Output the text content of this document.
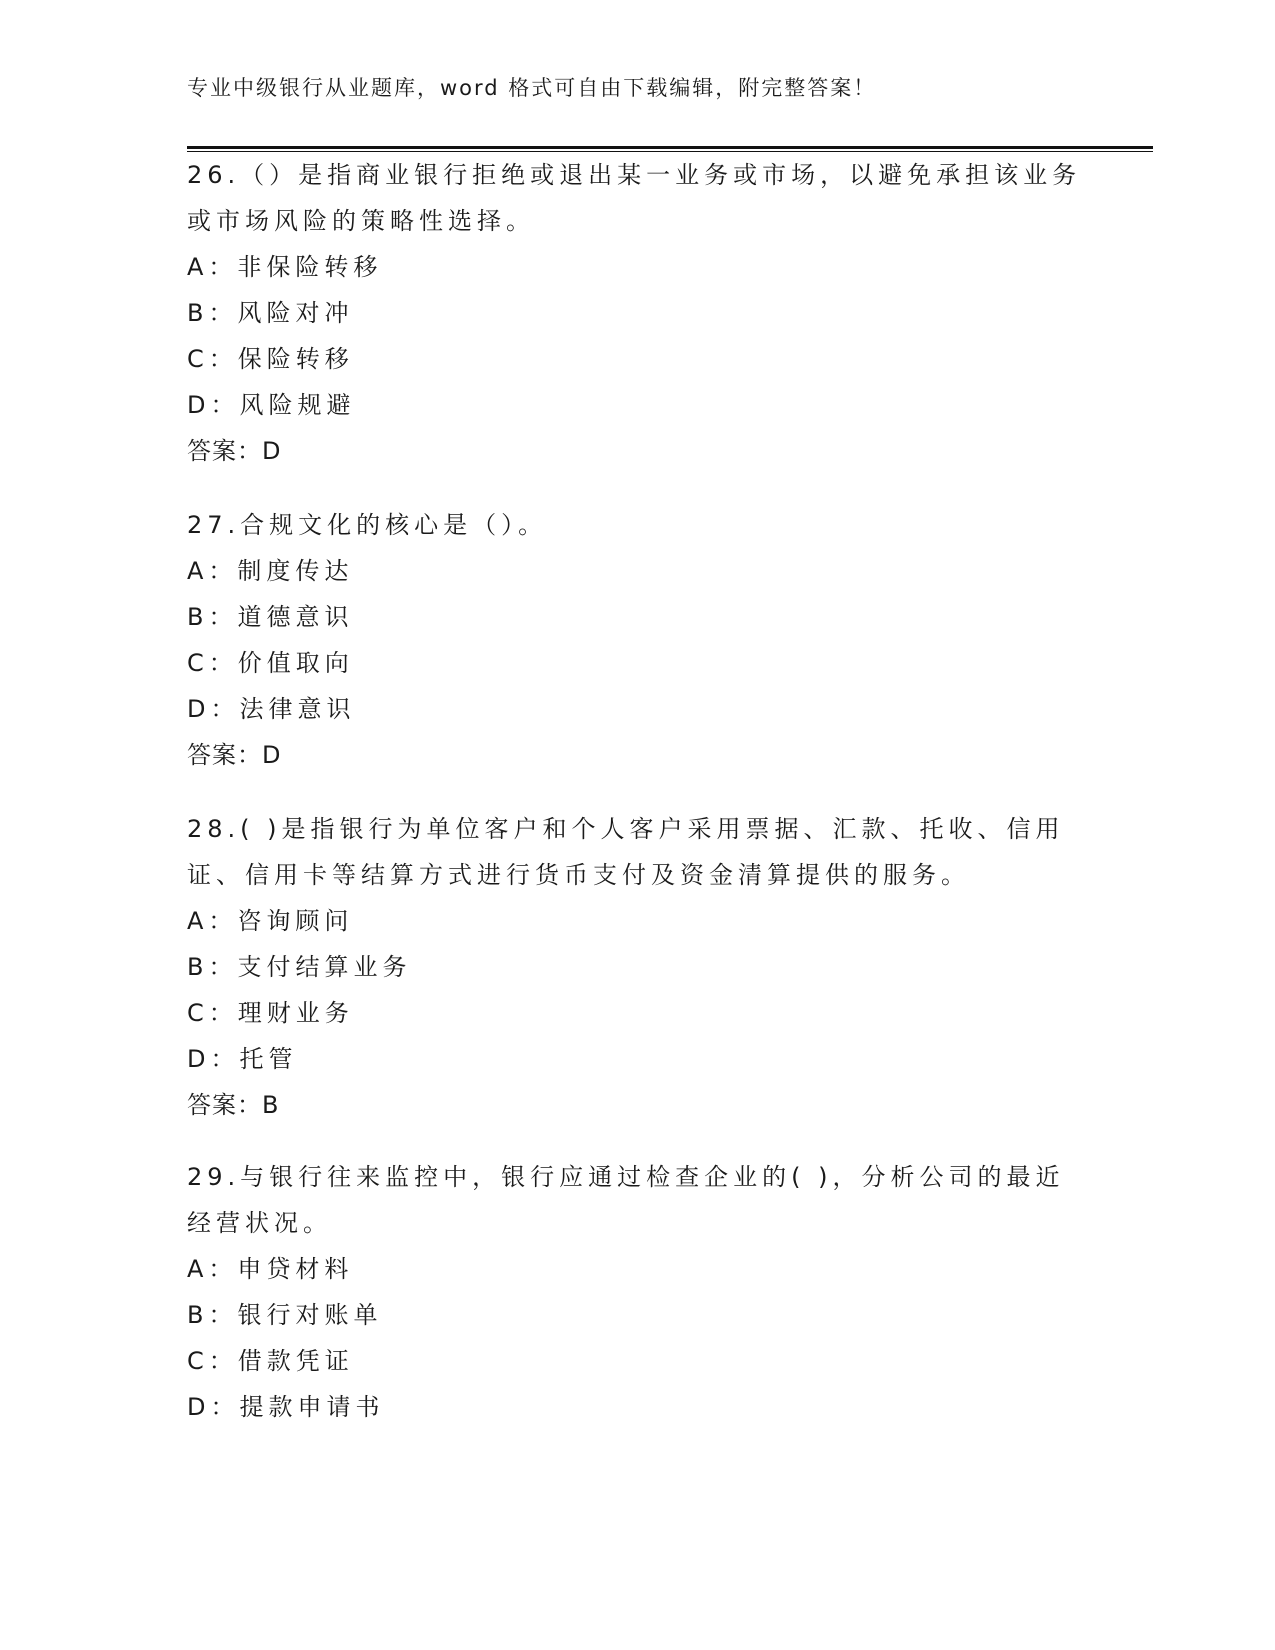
专业中级银行从业题库，word 格式可自由下载编辑，附完整答案！

26.（）是指商业银行拒绝或退出某一业务或市场，以避免承担该业务

或市场风险的策略性选择。

A：非保险转移

B：风险对冲

C：保险转移

D：风险规避

答案：D

27.合规文化的核心是（）。

A：制度传达

B：道德意识

C：价值取向

D：法律意识

答案：D

28.( )是指银行为单位客户和个人客户采用票据、汇款、托收、信用

证、信用卡等结算方式进行货币支付及资金清算提供的服务。

A：咨询顾问

B：支付结算业务

C：理财业务

D：托管

答案：B

29.与银行往来监控中，银行应通过检查企业的( )，分析公司的最近

经营状况。

A：申贷材料

B：银行对账单

C：借款凭证

D：提款申请书
